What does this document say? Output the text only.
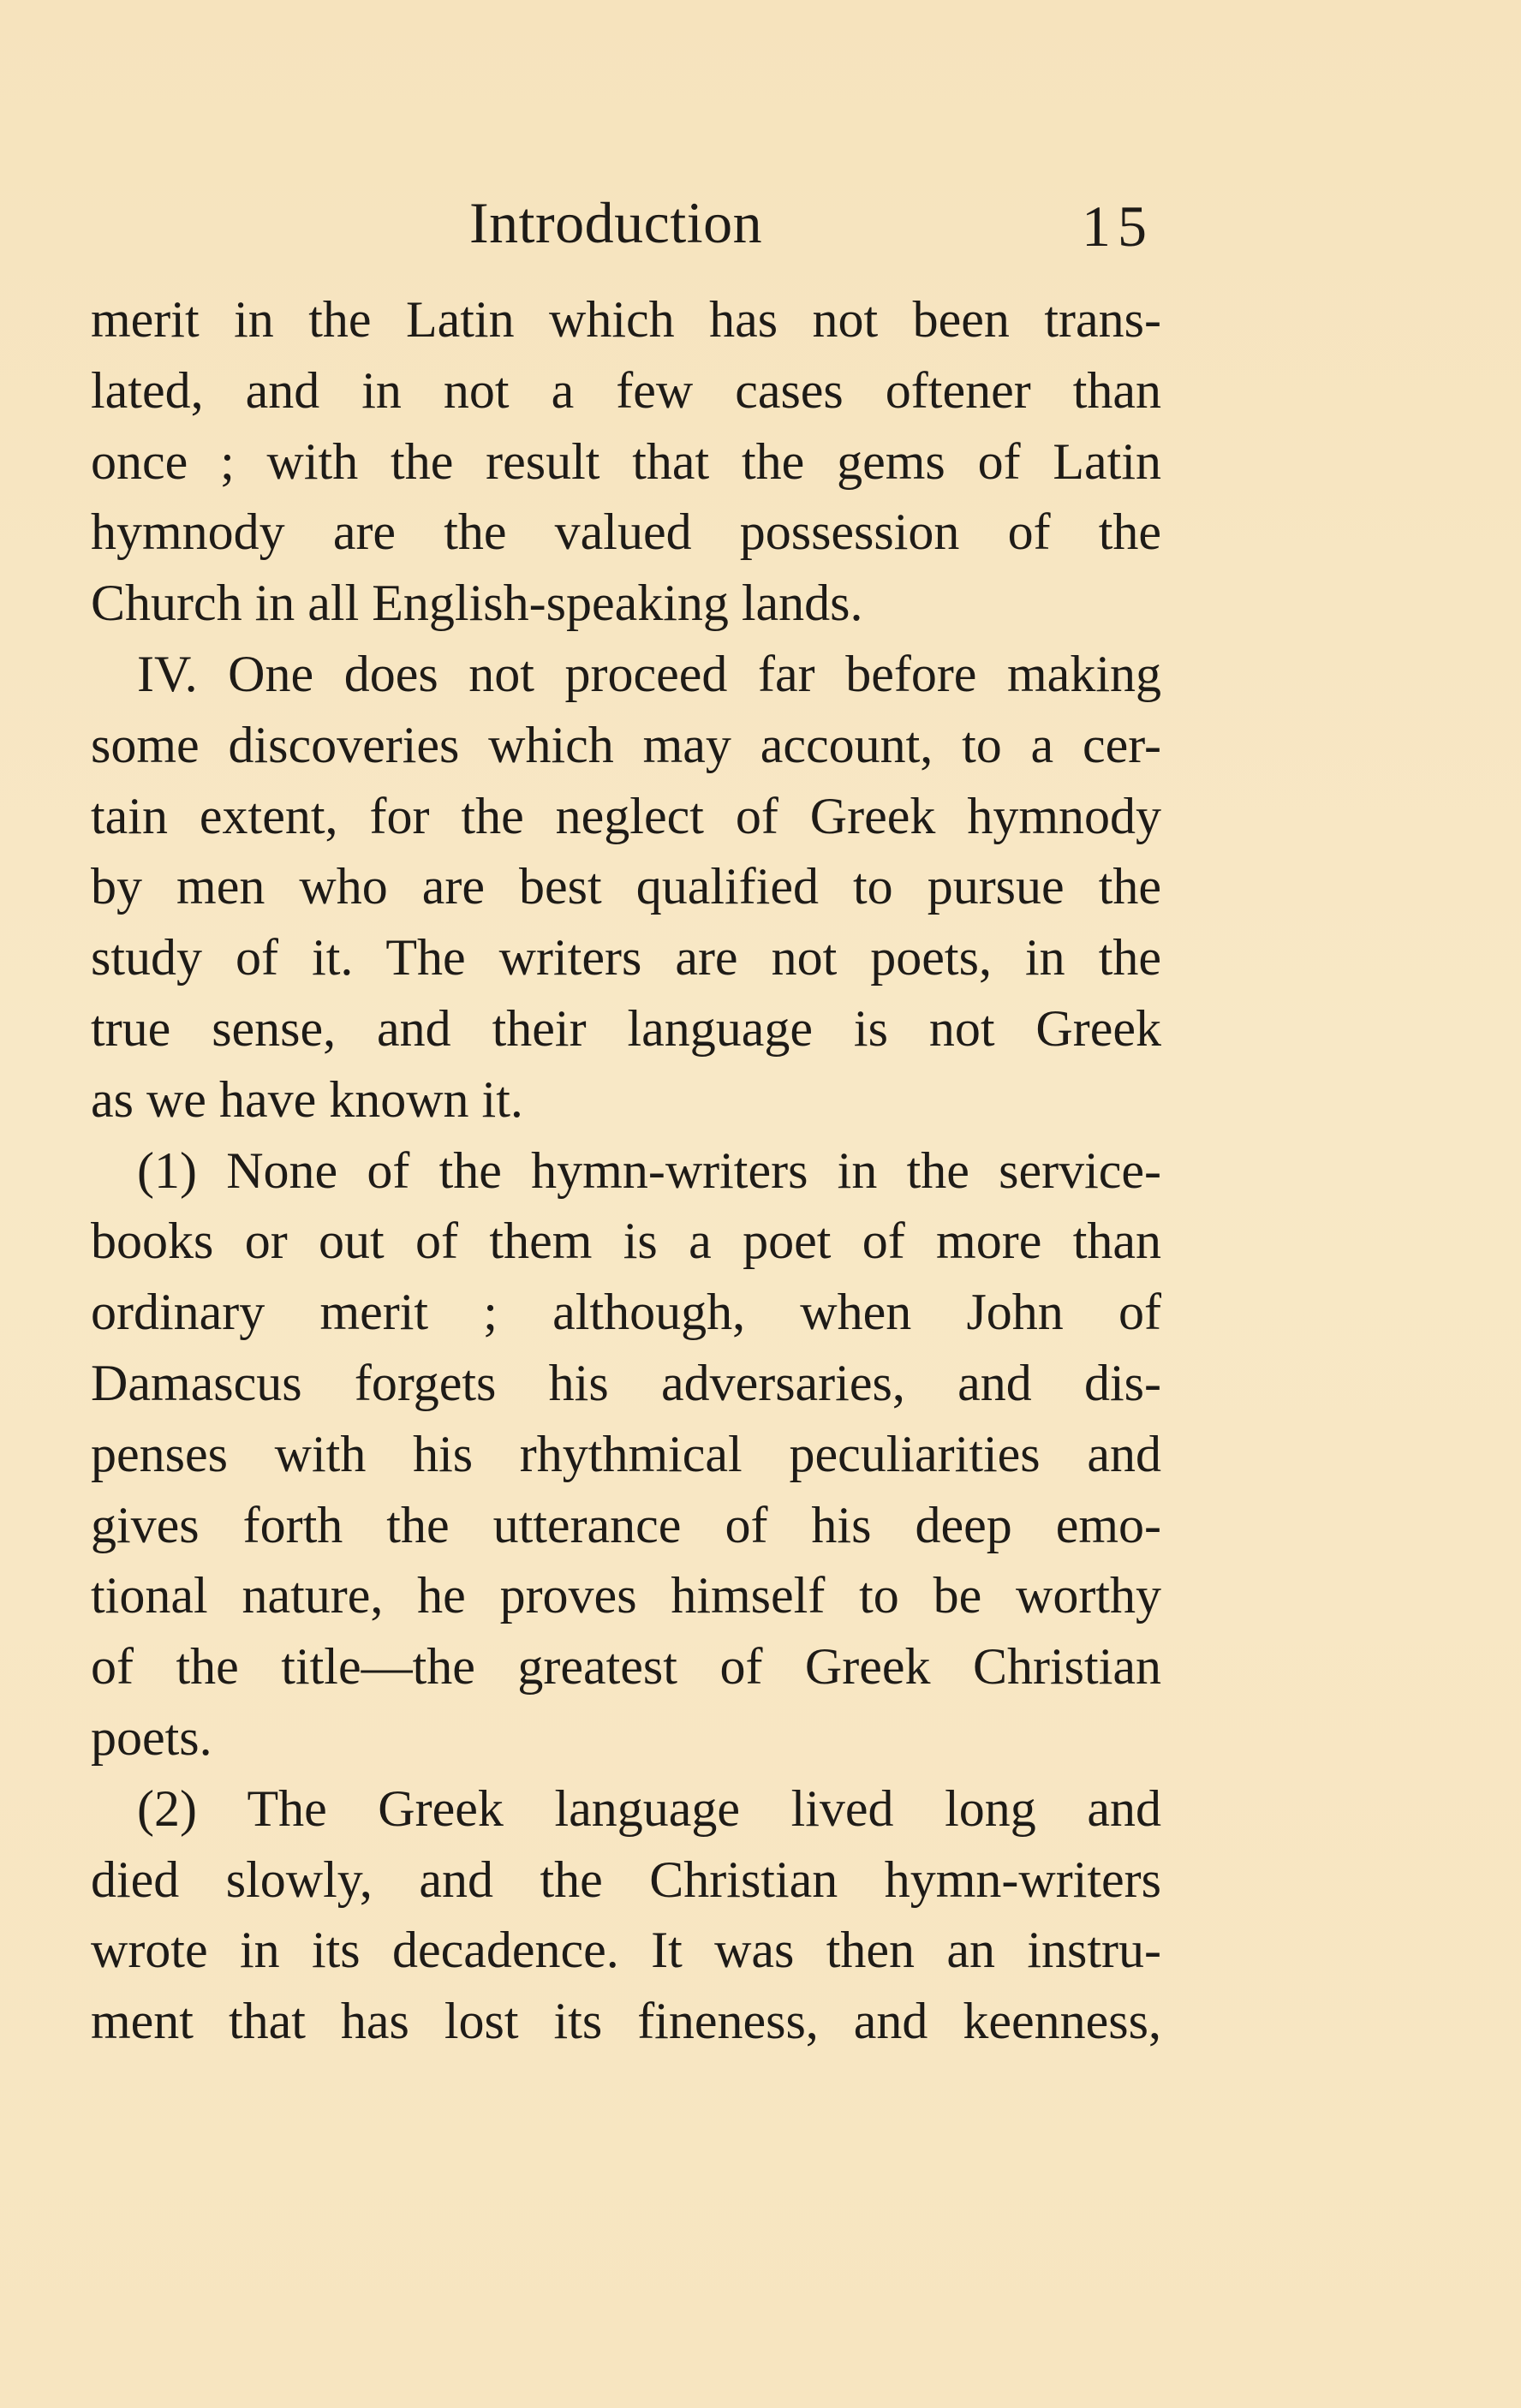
Introduction	15
merit in the Latin which has not been trans-
lated, and in not a few cases oftener than
once ; with the result that the gems of Latin
hymnody are the valued possession of the
Church in all English-speaking lands.
IV. One does not proceed far before making
some discoveries which may account, to a cer-
tain extent, for the neglect of Greek hymnody
by men who are best qualified to pursue the
study of it. The writers are not poets, in the
true sense, and their language is not Greek
as we have known it.
(1) None of the hymn-writers in the service-
books or out of them is a poet of more than
ordinary merit ; although, when John of
Damascus forgets his adversaries, and dis-
penses with his rhythmical peculiarities and
gives forth the utterance of his deep emo-
tional nature, he proves himself to be worthy
of the title—the greatest of Greek Christian
poets.
(2) The Greek language lived long and
died slowly, and the Christian hymn-writers
wrote in its decadence. It was then an instru-
ment that has lost its fineness, and keenness,
